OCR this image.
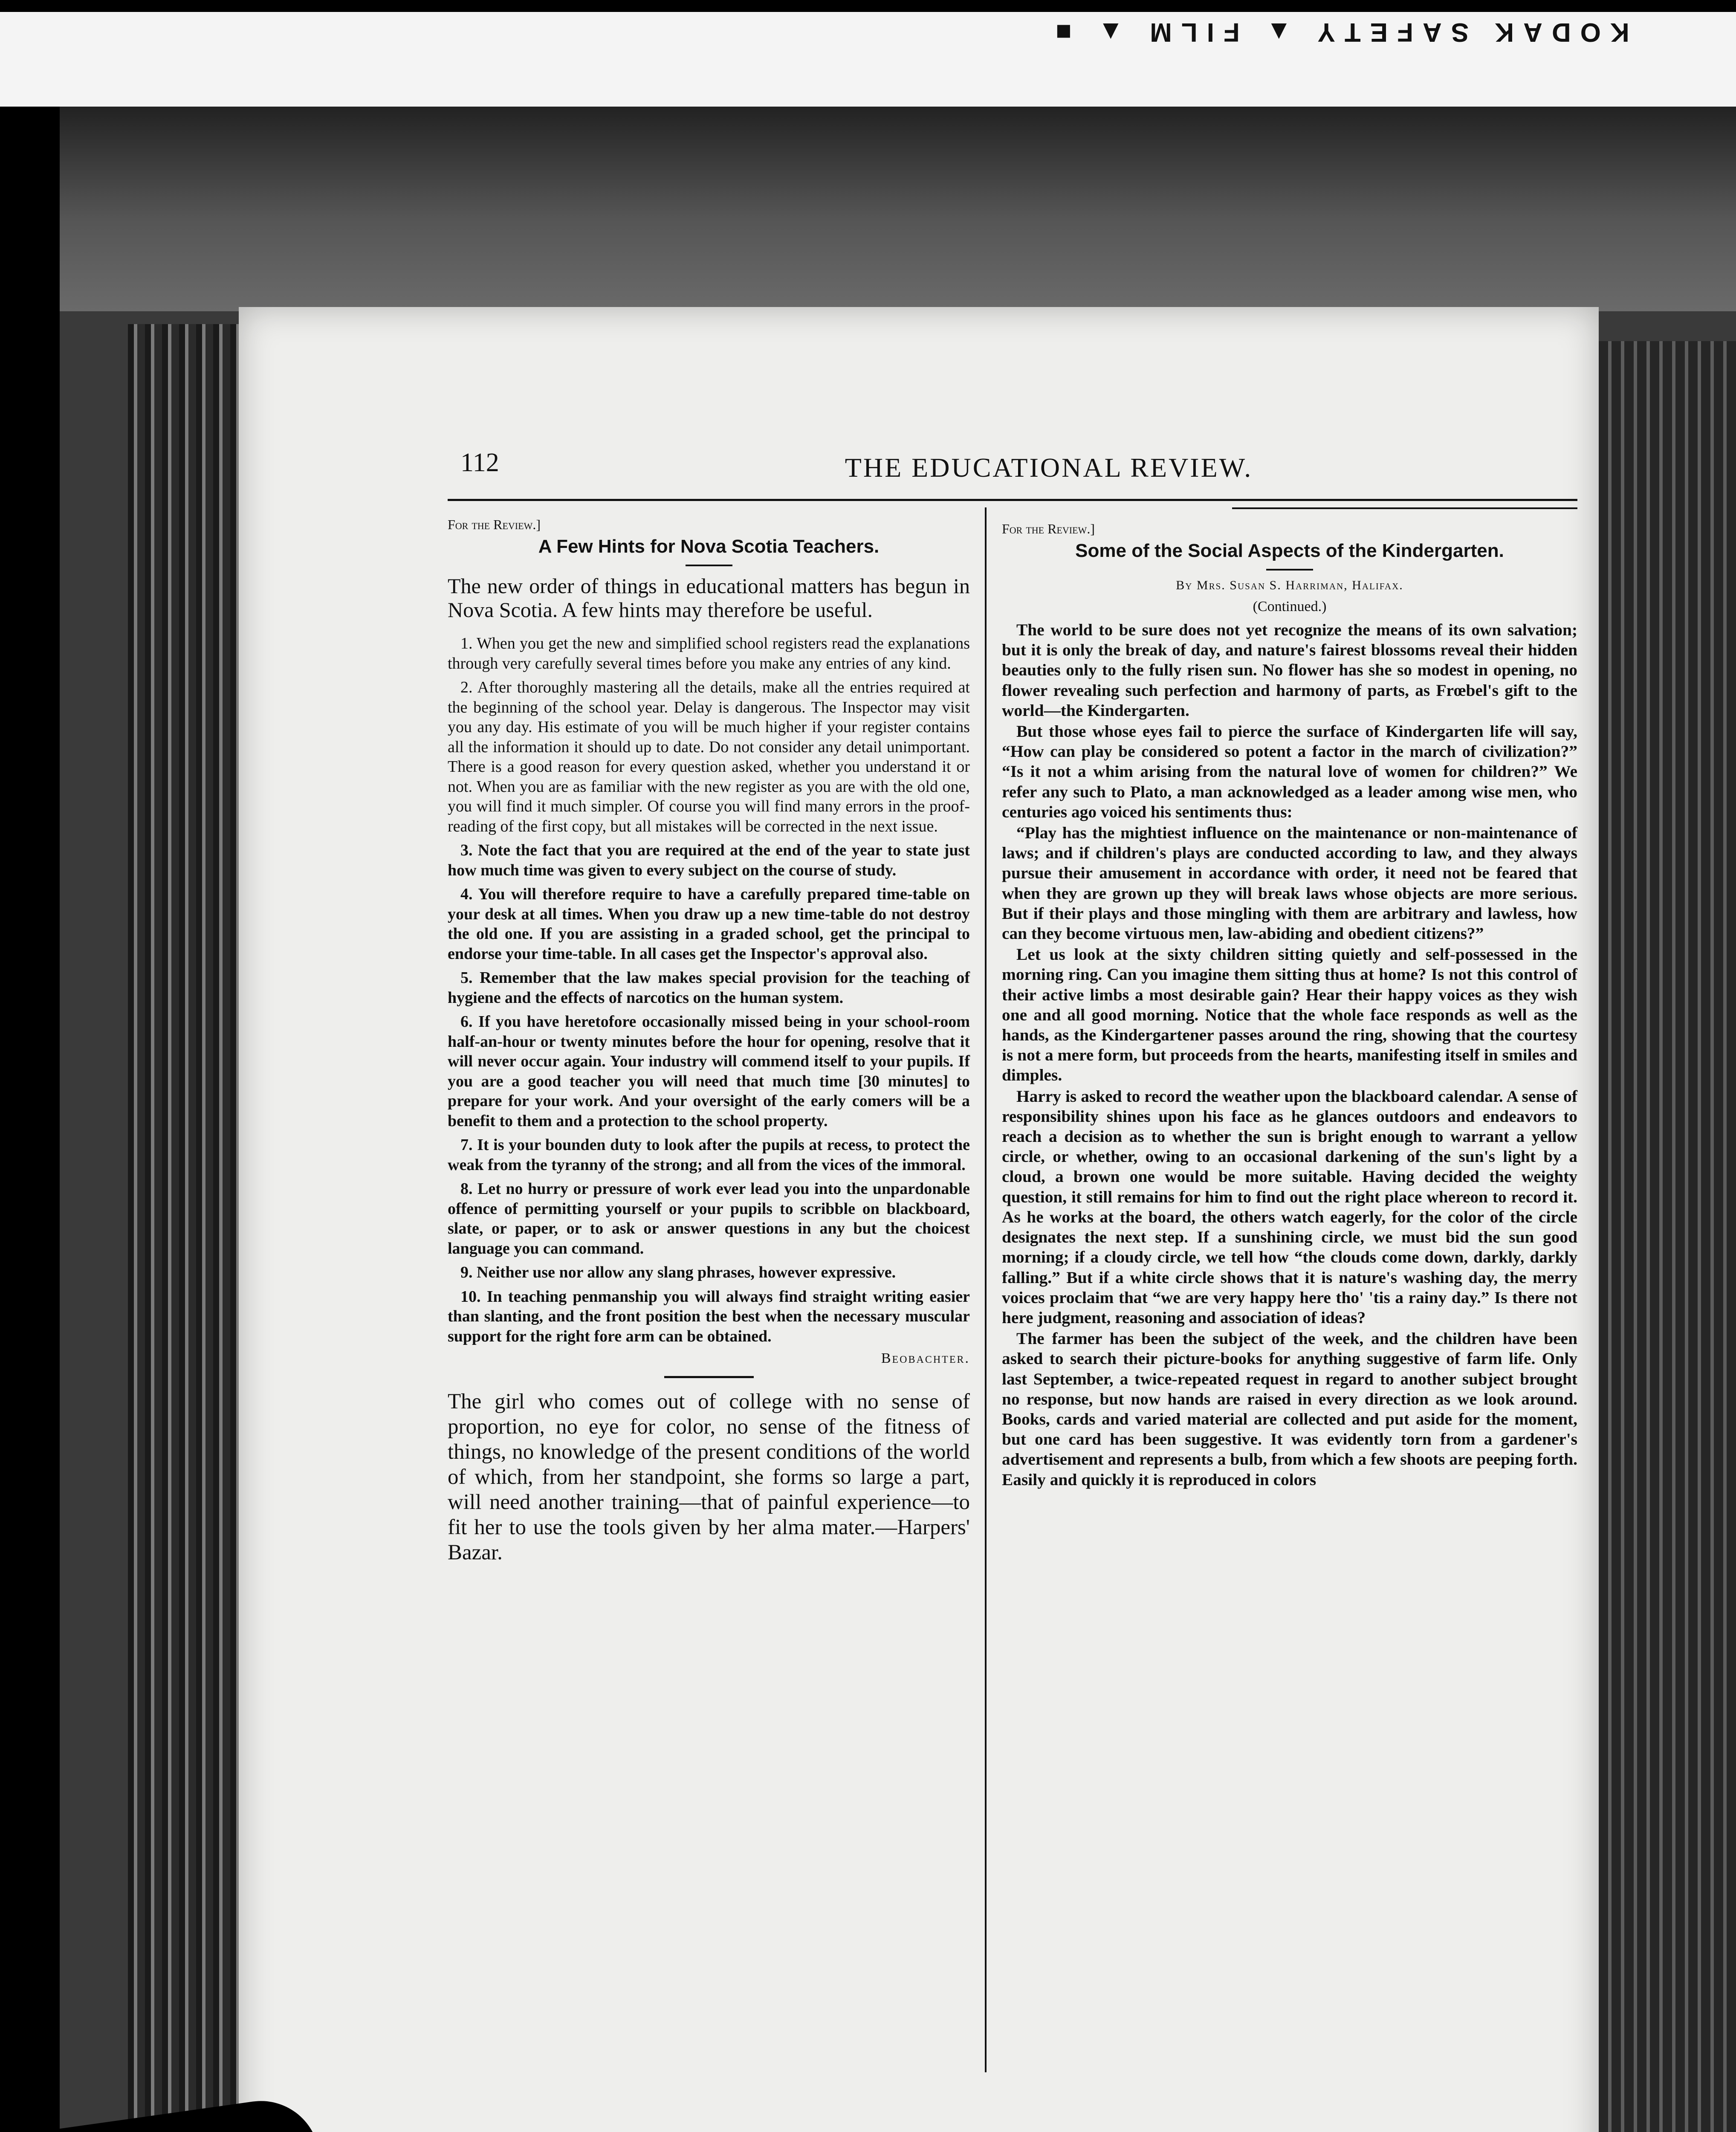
KODAK SAFETY ▲ FILM ▲ ■
112	THE EDUCATIONAL REVIEW.

For the Review.]

A Few Hints for Nova Scotia Teachers.

The new order of things in educational matters has begun in Nova Scotia. A few hints may therefore be useful.

1. When you get the new and simplified school registers read the explanations through very carefully several times before you make any entries of any kind.

2. After thoroughly mastering all the details, make all the entries required at the beginning of the school year. Delay is dangerous. The Inspector may visit you any day. His estimate of you will be much higher if your register contains all the information it should up to date. Do not consider any detail unimportant. There is a good reason for every question asked, whether you understand it or not. When you are as familiar with the new register as you are with the old one, you will find it much simpler. Of course you will find many errors in the proof-reading of the first copy, but all mistakes will be corrected in the next issue.

3. Note the fact that you are required at the end of the year to state just how much time was given to every subject on the course of study.

4. You will therefore require to have a carefully prepared time-table on your desk at all times. When you draw up a new time-table do not destroy the old one. If you are assisting in a graded school, get the principal to endorse your time-table. In all cases get the Inspector's approval also.

5. Remember that the law makes special provision for the teaching of hygiene and the effects of narcotics on the human system.

6. If you have heretofore occasionally missed being in your school-room half-an-hour or twenty minutes before the hour for opening, resolve that it will never occur again. Your industry will commend itself to your pupils. If you are a good teacher you will need that much time [30 minutes] to prepare for your work. And your oversight of the early comers will be a benefit to them and a protection to the school property.

7. It is your bounden duty to look after the pupils at recess, to protect the weak from the tyranny of the strong; and all from the vices of the immoral.

8. Let no hurry or pressure of work ever lead you into the unpardonable offence of permitting yourself or your pupils to scribble on blackboard, slate, or paper, or to ask or answer questions in any but the choicest language you can command.

9. Neither use nor allow any slang phrases, however expressive.

10. In teaching penmanship you will always find straight writing easier than slanting, and the front position the best when the necessary muscular support for the right fore arm can be obtained.

Beobachter.

The girl who comes out of college with no sense of proportion, no eye for color, no sense of the fitness of things, no knowledge of the present conditions of the world of which, from her standpoint, she forms so large a part, will need another training—that of painful experience—to fit her to use the tools given by her alma mater.—Harpers' Bazar.

For the Review.]

Some of the Social Aspects of the Kindergarten.

By Mrs. Susan S. Harriman, Halifax.

(Continued.)

The world to be sure does not yet recognize the means of its own salvation; but it is only the break of day, and nature's fairest blossoms reveal their hidden beauties only to the fully risen sun. No flower has she so modest in opening, no flower revealing such perfection and harmony of parts, as Frœbel's gift to the world—the Kindergarten.

But those whose eyes fail to pierce the surface of Kindergarten life will say, “How can play be considered so potent a factor in the march of civilization?” “Is it not a whim arising from the natural love of women for children?” We refer any such to Plato, a man acknowledged as a leader among wise men, who centuries ago voiced his sentiments thus:

“Play has the mightiest influence on the maintenance or non-maintenance of laws; and if children's plays are conducted according to law, and they always pursue their amusement in accordance with order, it need not be feared that when they are grown up they will break laws whose objects are more serious. But if their plays and those mingling with them are arbitrary and lawless, how can they become virtuous men, law-abiding and obedient citizens?”

Let us look at the sixty children sitting quietly and self-possessed in the morning ring. Can you imagine them sitting thus at home? Is not this control of their active limbs a most desirable gain? Hear their happy voices as they wish one and all good morning. Notice that the whole face responds as well as the hands, as the Kindergartener passes around the ring, showing that the courtesy is not a mere form, but proceeds from the hearts, manifesting itself in smiles and dimples.

Harry is asked to record the weather upon the blackboard calendar. A sense of responsibility shines upon his face as he glances outdoors and endeavors to reach a decision as to whether the sun is bright enough to warrant a yellow circle, or whether, owing to an occasional darkening of the sun's light by a cloud, a brown one would be more suitable. Having decided the weighty question, it still remains for him to find out the right place whereon to record it. As he works at the board, the others watch eagerly, for the color of the circle designates the next step. If a sunshining circle, we must bid the sun good morning; if a cloudy circle, we tell how “the clouds come down, darkly, darkly falling.” But if a white circle shows that it is nature's washing day, the merry voices proclaim that “we are very happy here tho' 'tis a rainy day.” Is there not here judgment, reasoning and association of ideas?

The farmer has been the subject of the week, and the children have been asked to search their picture-books for anything suggestive of farm life. Only last September, a twice-repeated request in regard to another subject brought no response, but now hands are raised in every direction as we look around. Books, cards and varied material are collected and put aside for the moment, but one card has been suggestive. It was evidently torn from a gardener's advertisement and represents a bulb, from which a few shoots are peeping forth. Easily and quickly it is reproduced in colors
